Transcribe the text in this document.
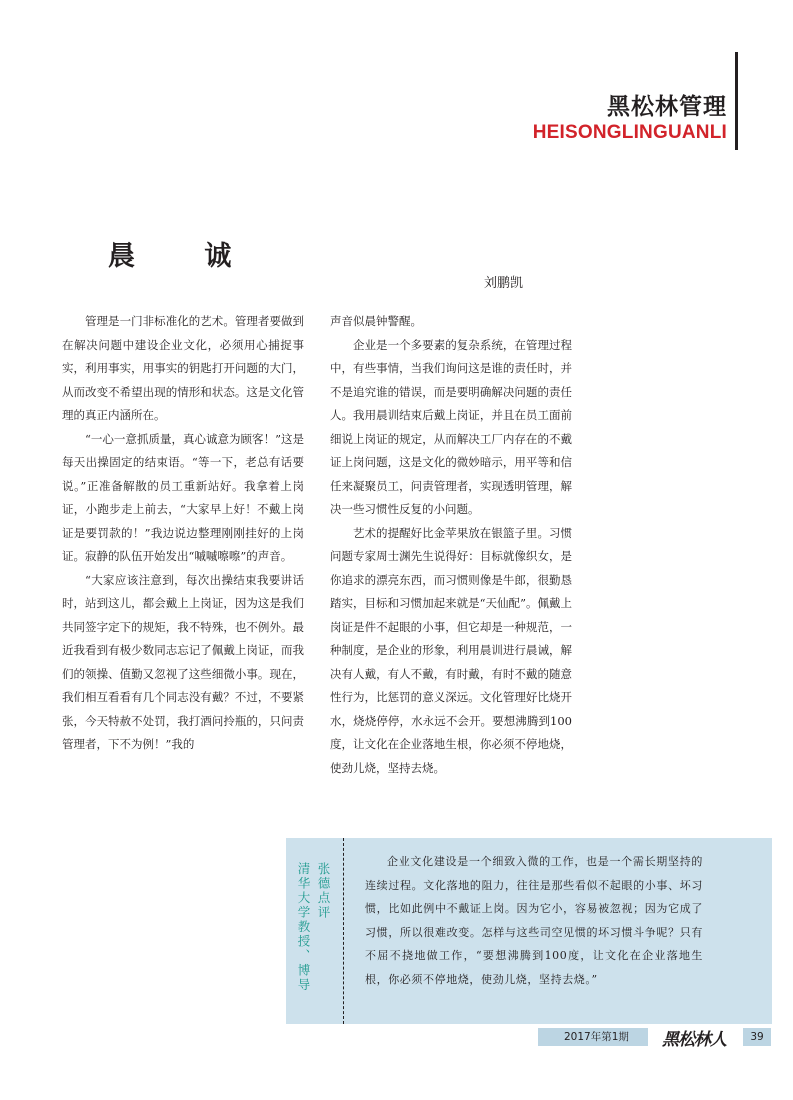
黑松林管理
HEISONGLINGUANLI
晨 诚
刘鹏凯

管理是一门非标准化的艺术。管理者要做到在解决问题中建设企业文化，必须用心捕捉事实，利用事实，用事实的钥匙打开问题的大门，从而改变不希望出现的情形和状态。这是文化管理的真正内涵所在。

“一心一意抓质量，真心诚意为顾客！”这是每天出操固定的结束语。“等一下，老总有话要说。”正准备解散的员工重新站好。我拿着上岗证，小跑步走上前去，“大家早上好！不戴上岗证是要罚款的！”我边说边整理刚刚挂好的上岗证。寂静的队伍开始发出“嘁嘁嚓嚓”的声音。

“大家应该注意到，每次出操结束我要讲话时，站到这儿，都会戴上上岗证，因为这是我们共同签字定下的规矩，我不特殊，也不例外。最近我看到有极少数同志忘记了佩戴上岗证，而我们的领操、值勤又忽视了这些细微小事。现在，我们相互看看有几个同志没有戴？不过，不要紧张，今天特赦不处罚，我打酒问拎瓶的，只问责管理者，下不为例！”我的

声音似晨钟警醒。

企业是一个多要素的复杂系统，在管理过程中，有些事情，当我们询问这是谁的责任时，并不是追究谁的错误，而是要明确解决问题的责任人。我用晨训结束后戴上岗证，并且在员工面前细说上岗证的规定，从而解决工厂内存在的不戴证上岗问题，这是文化的微妙暗示，用平等和信任来凝聚员工，问责管理者，实现透明管理，解决一些习惯性反复的小问题。

艺术的提醒好比金苹果放在银篮子里。习惯问题专家周士渊先生说得好：目标就像织女，是你追求的漂亮东西，而习惯则像是牛郎，很勤恳踏实，目标和习惯加起来就是“天仙配”。佩戴上岗证是件不起眼的小事，但它却是一种规范，一种制度，是企业的形象，利用晨训进行晨诫，解决有人戴，有人不戴，有时戴，有时不戴的随意性行为，比惩罚的意义深远。文化管理好比烧开水，烧烧停停，水永远不会开。要想沸腾到100度，让文化在企业落地生根，你必须不停地烧，使劲儿烧，坚持去烧。

张德点评
清华大学教授、博导

企业文化建设是一个细致入微的工作，也是一个需长期坚持的连续过程。文化落地的阻力，往往是那些看似不起眼的小事、坏习惯，比如此例中不戴证上岗。因为它小，容易被忽视；因为它成了习惯，所以很难改变。怎样与这些司空见惯的坏习惯斗争呢？只有不屈不挠地做工作，“要想沸腾到100度，让文化在企业落地生根，你必须不停地烧，使劲儿烧，坚持去烧。”

2017年第1期 黑松林人	39
